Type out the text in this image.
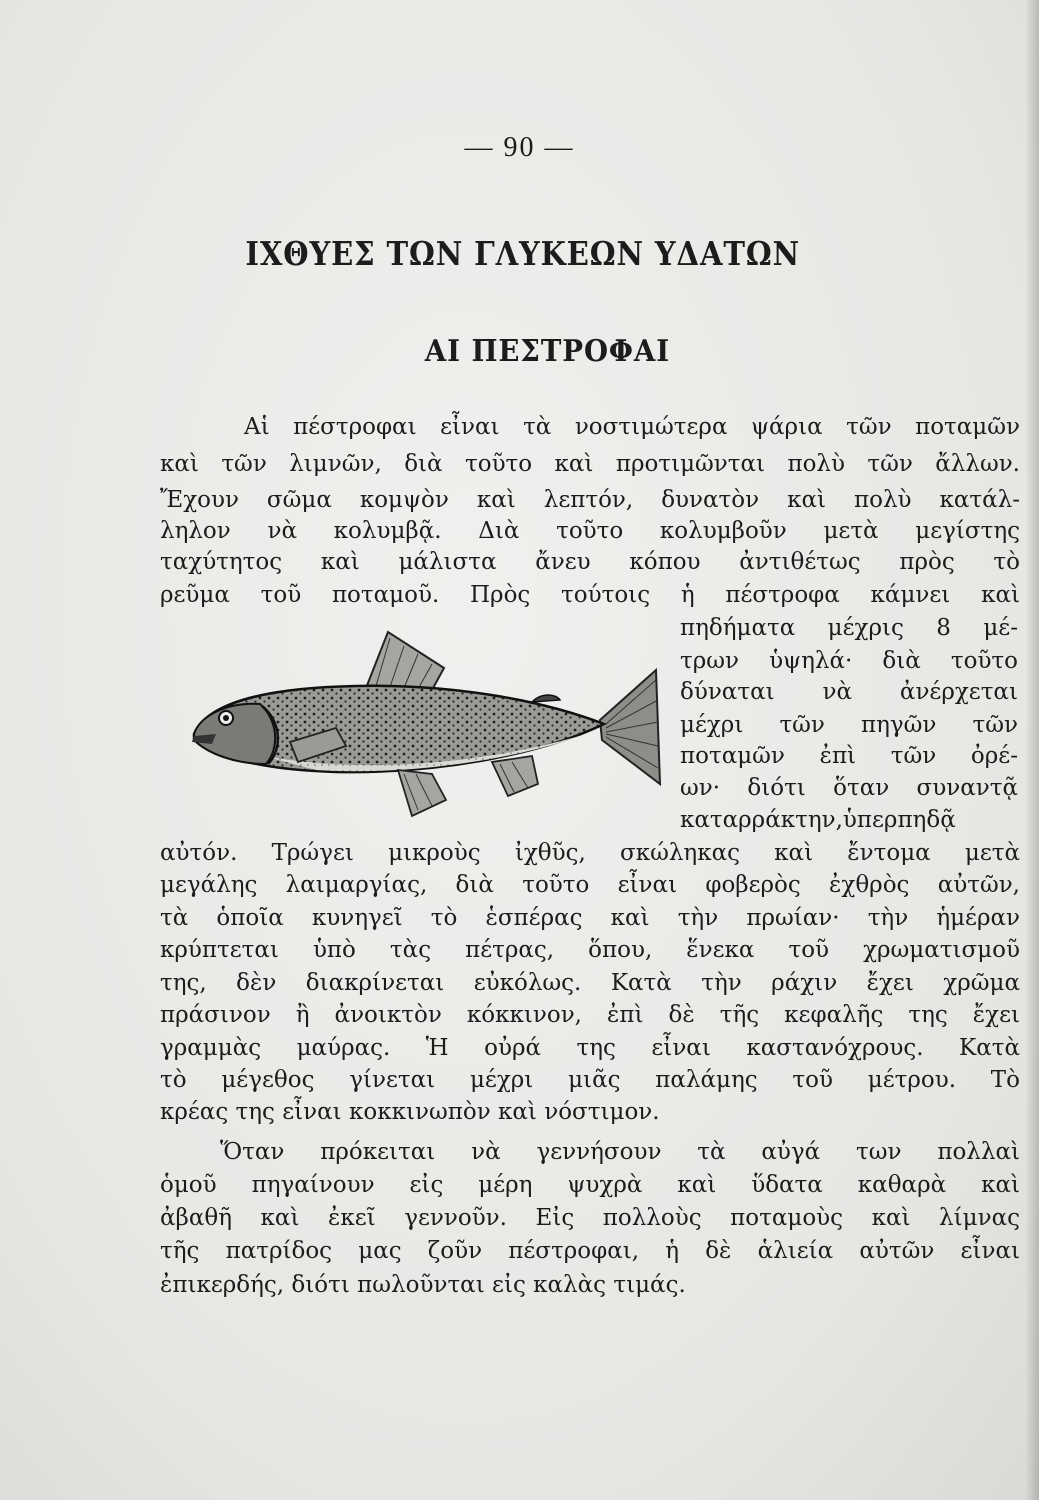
— 90 —
ΙΧΘΥΕΣ ΤΩΝ ΓΛΥΚΕΩΝ ΥΔΑΤΩΝ
ΑΙ ΠΕΣΤΡΟΦΑΙ
Αἱ πέστροφαι εἶναι τὰ νοστιμώτερα ψάρια τῶν ποταμῶν
καὶ τῶν λιμνῶν, διὰ τοῦτο καὶ προτιμῶνται πολὺ τῶν ἄλλων.
Ἔχουν σῶμα κομψὸν καὶ λεπτόν, δυνατὸν καὶ πολὺ κατάλ-
ληλον νὰ κολυμβᾷ. Διὰ τοῦτο κολυμβοῦν μετὰ μεγίστης
ταχύτητος καὶ μάλιστα ἄνευ κόπου ἀντιθέτως πρὸς τὸ
ρεῦμα τοῦ ποταμοῦ. Πρὸς τούτοις ἡ πέστροφα κάμνει καὶ
πηδήματα μέχρις 8 μέ-
τρων ὑψηλά· διὰ τοῦτο
δύναται νὰ ἀνέρχεται
μέχρι τῶν πηγῶν τῶν
ποταμῶν ἐπὶ τῶν ὀρέ-
ων· διότι ὅταν συναντᾷ
καταρράκτην,ὑπερπηδᾷ
αὐτόν. Τρώγει μικροὺς ἰχθῦς, σκώληκας καὶ ἔντομα μετὰ
μεγάλης λαιμαργίας, διὰ τοῦτο εἶναι φοβερὸς ἐχθρὸς αὐτῶν,
τὰ ὁποῖα κυνηγεῖ τὸ ἑσπέρας καὶ τὴν πρωίαν· τὴν ἡμέραν
κρύπτεται ὑπὸ τὰς πέτρας, ὅπου, ἕνεκα τοῦ χρωματισμοῦ
της, δὲν διακρίνεται εὐκόλως. Κατὰ τὴν ράχιν ἔχει χρῶμα
πράσινον ἢ ἀνοικτὸν κόκκινον, ἐπὶ δὲ τῆς κεφαλῆς της ἔχει
γραμμὰς μαύρας. Ἡ οὐρά της εἶναι καστανόχρους. Κατὰ
τὸ μέγεθος γίνεται μέχρι μιᾶς παλάμης τοῦ μέτρου. Τὸ
κρέας της εἶναι κοκκινωπὸν καὶ νόστιμον.
Ὅταν πρόκειται νὰ γεννήσουν τὰ αὐγά των πολλαὶ
ὁμοῦ πηγαίνουν εἰς μέρη ψυχρὰ καὶ ὕδατα καθαρὰ καὶ
ἀβαθῆ καὶ ἐκεῖ γεννοῦν. Εἰς πολλοὺς ποταμοὺς καὶ λίμνας
τῆς πατρίδος μας ζοῦν πέστροφαι, ἡ δὲ ἁλιεία αὐτῶν εἶναι
ἐπικερδής, διότι πωλοῦνται εἰς καλὰς τιμάς.
